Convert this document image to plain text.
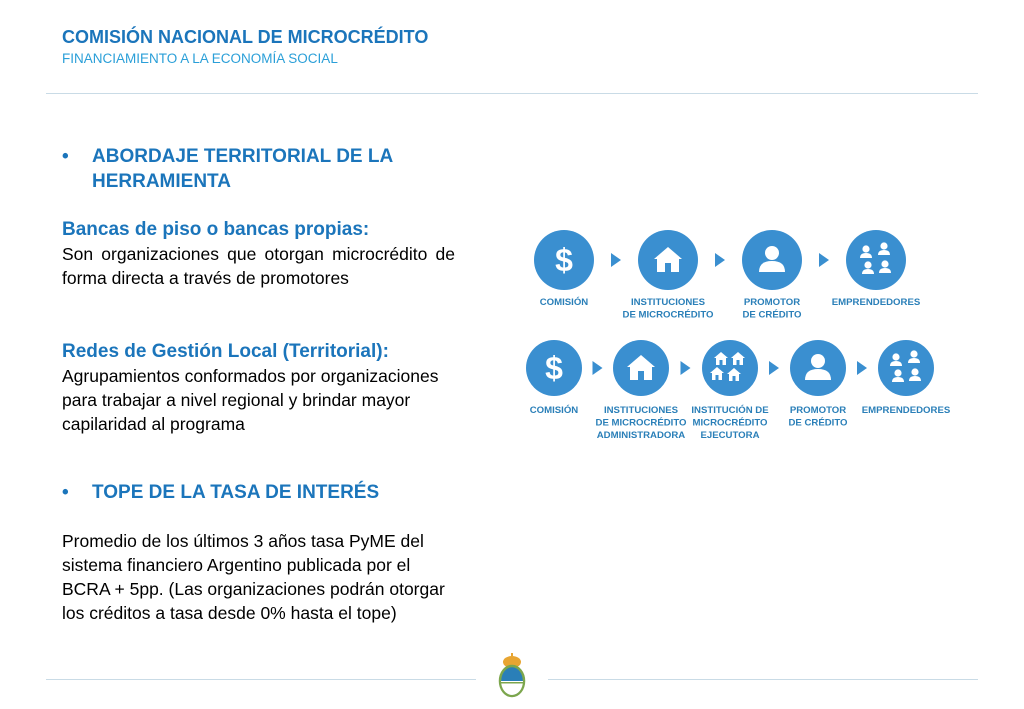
COMISIÓN NACIONAL DE MICROCRÉDITO
FINANCIAMIENTO A LA ECONOMÍA SOCIAL
• ABORDAJE TERRITORIAL DE LA
HERRAMIENTA
Bancas de piso o bancas propias:
Son organizaciones que otorgan microcrédito de forma directa a través de promotores
Redes de Gestión Local (Territorial):
Agrupamientos conformados por organizaciones para trabajar a nivel regional y brindar mayor capilaridad al programa
• TOPE DE LA TASA DE INTERÉS
Promedio de los últimos 3 años tasa PyME del sistema financiero Argentino publicada por el BCRA + 5pp. (Las organizaciones podrán otorgar los créditos a tasa desde 0% hasta el tope)
$
COMISIÓN	INSTITUCIONES
DE MICROCRÉDITO
PROMOTOR
DE CRÉDITO
EMPRENDEDORES
$
COMISIÓN	INSTITUCIONES
DE MICROCRÉDITO
ADMINISTRADORA
INSTITUCIÓN DE
MICROCRÉDITO
EJECUTORA
PROMOTOR
DE CRÉDITO
EMPRENDEDORES
